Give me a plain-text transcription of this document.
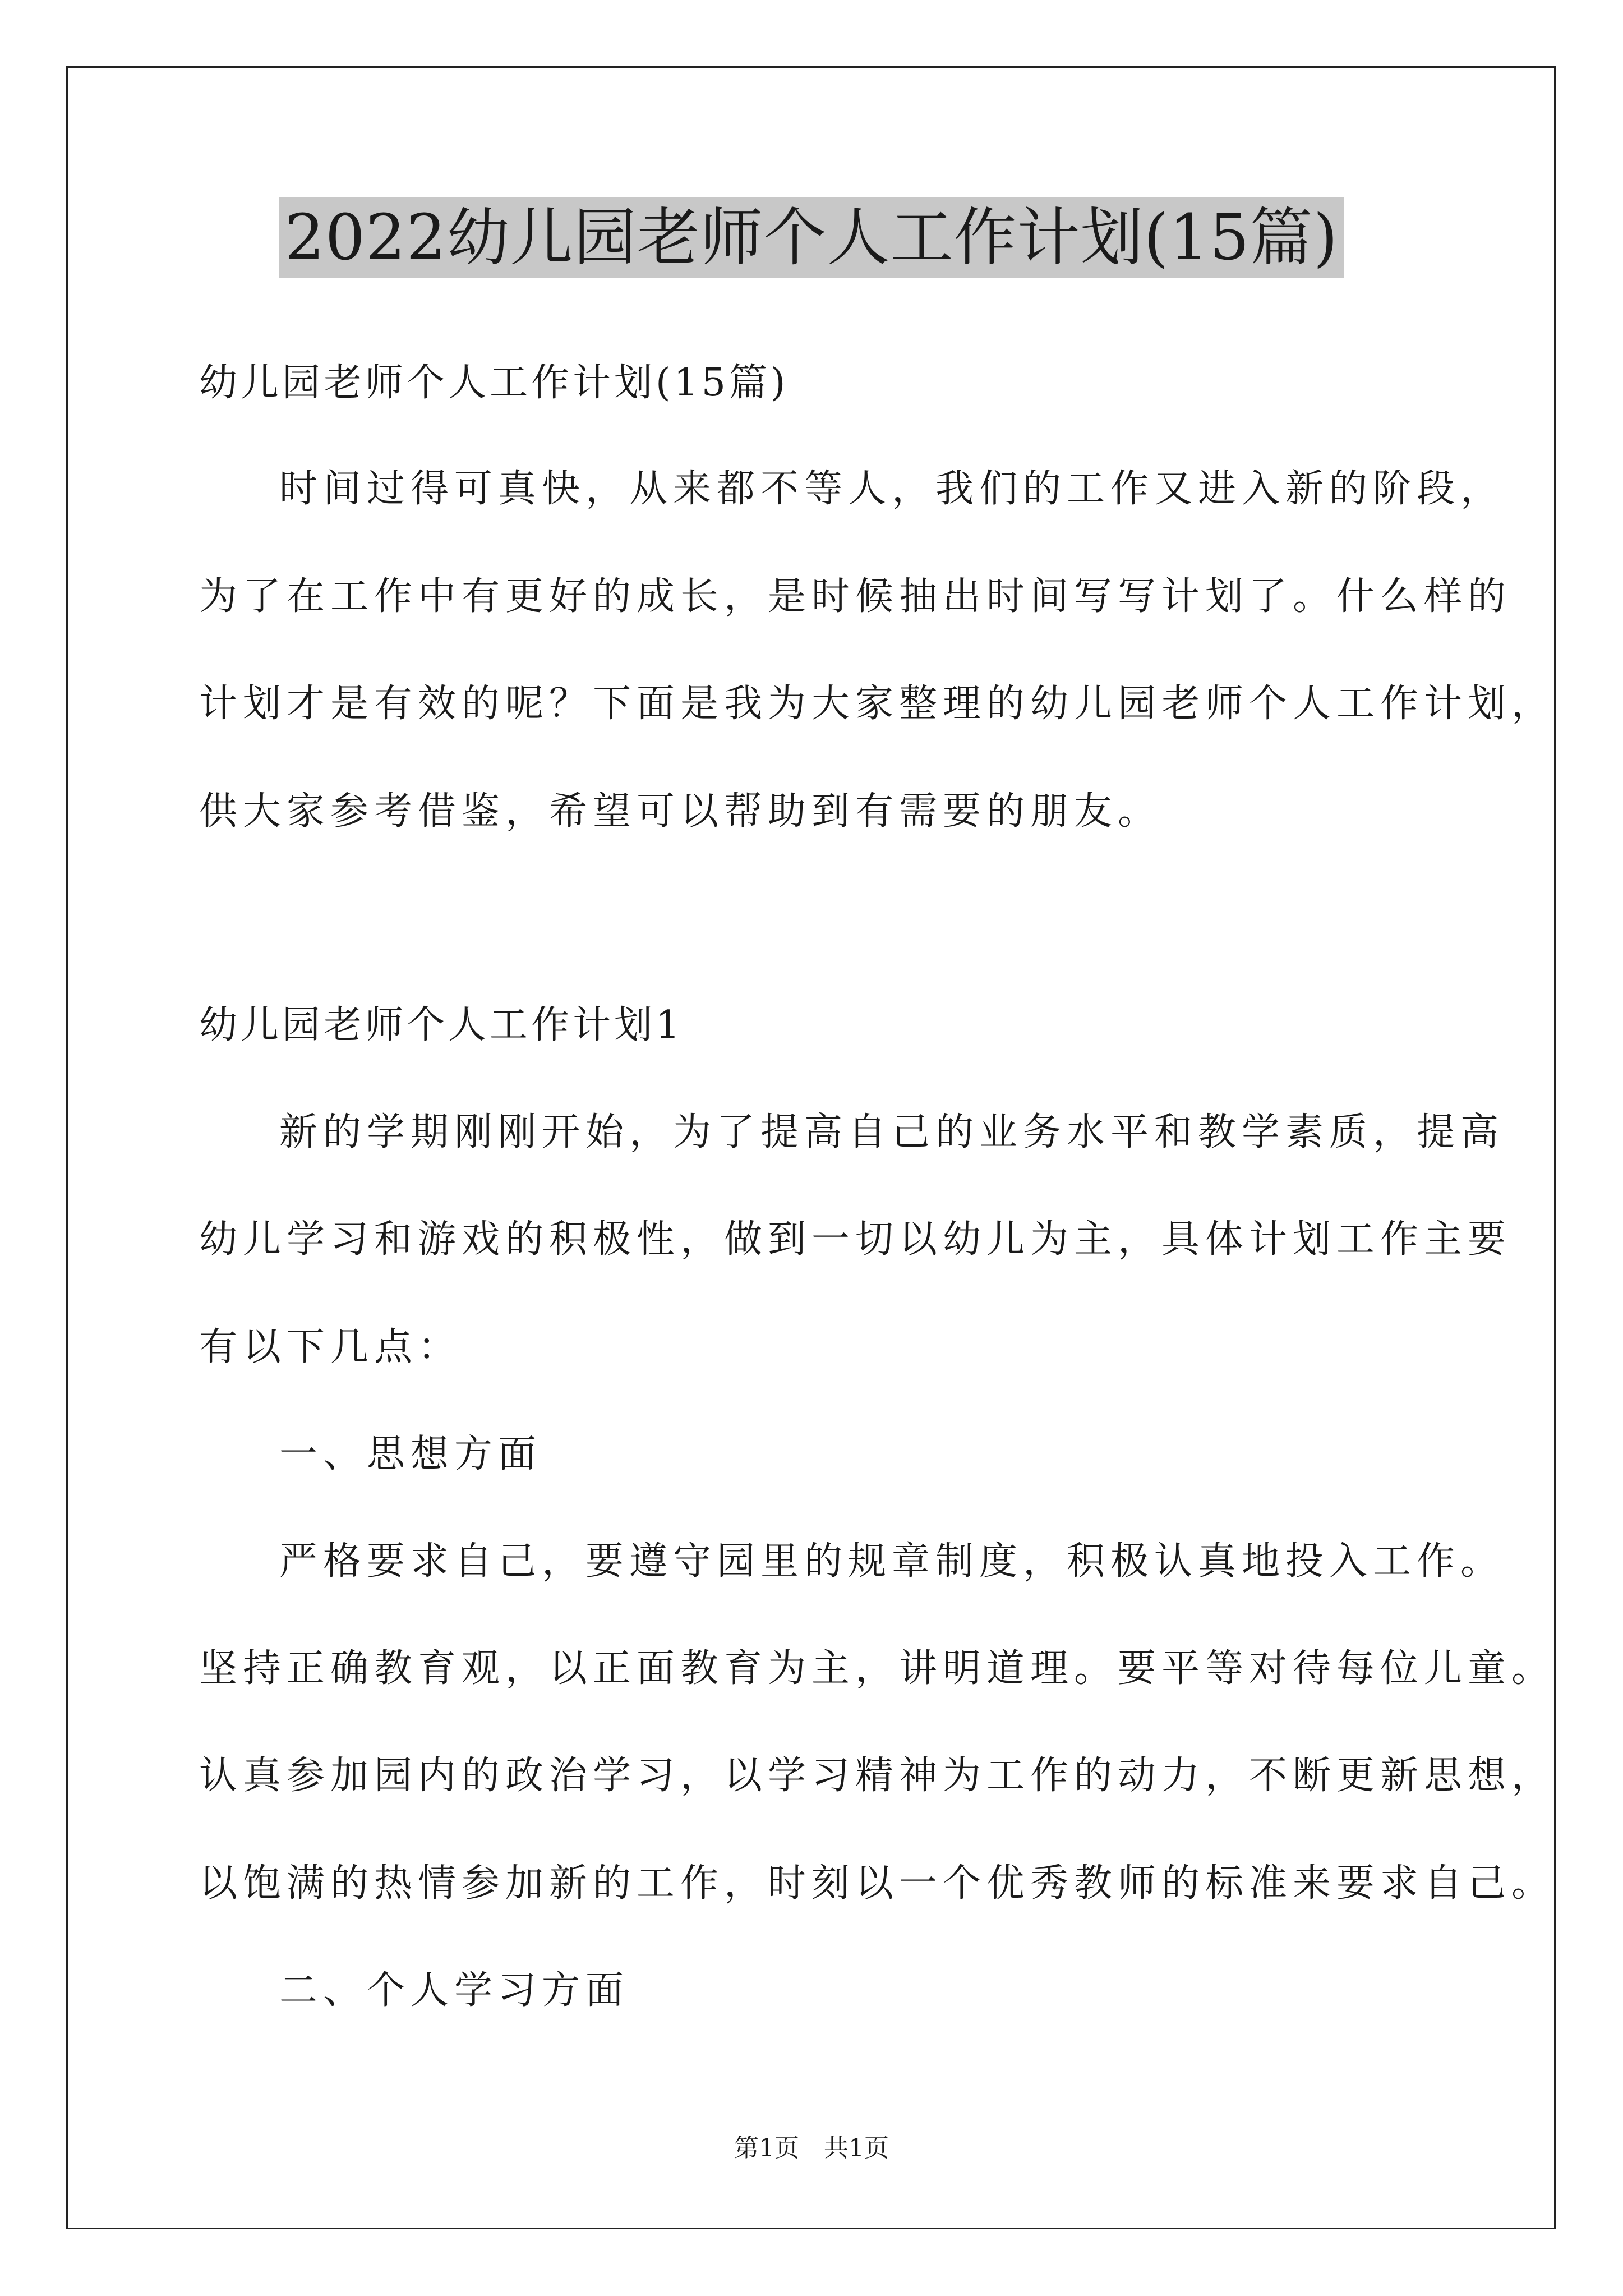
2022幼儿园老师个人工作计划(15篇)
幼儿园老师个人工作计划(15篇)
时间过得可真快，从来都不等人，我们的工作又进入新的阶段，
为了在工作中有更好的成长，是时候抽出时间写写计划了。什么样的
计划才是有效的呢？下面是我为大家整理的幼儿园老师个人工作计划，
供大家参考借鉴，希望可以帮助到有需要的朋友。
幼儿园老师个人工作计划1
新的学期刚刚开始，为了提高自己的业务水平和教学素质，提高
幼儿学习和游戏的积极性，做到一切以幼儿为主，具体计划工作主要
有以下几点：
一、思想方面
严格要求自己，要遵守园里的规章制度，积极认真地投入工作。
坚持正确教育观，以正面教育为主，讲明道理。要平等对待每位儿童。
认真参加园内的政治学习，以学习精神为工作的动力，不断更新思想，
以饱满的热情参加新的工作，时刻以一个优秀教师的标准来要求自己。
二、个人学习方面
第1页　共1页
